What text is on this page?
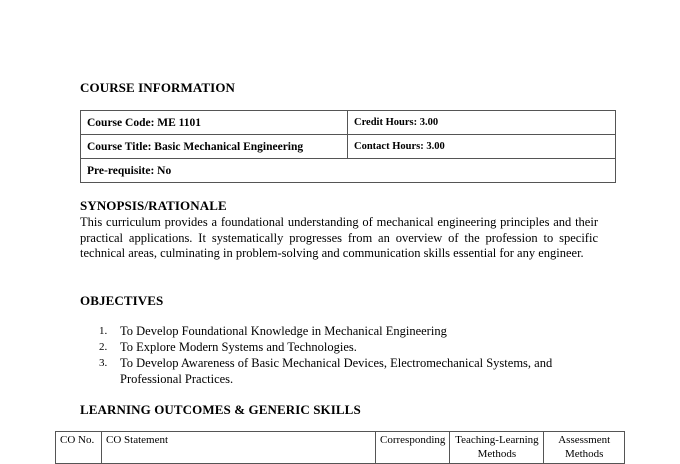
COURSE INFORMATION
Course Code: ME 1101	Credit Hours: 3.00
Course Title: Basic Mechanical Engineering	Contact Hours: 3.00
Pre-requisite: No	
SYNOPSIS/RATIONALE

This curriculum provides a foundational understanding of mechanical engineering principles and their practical applications. It systematically progresses from an overview of the profession to specific technical areas, culminating in problem-solving and communication skills essential for any engineer.

OBJECTIVES
1. To Develop Foundational Knowledge in Mechanical Engineering
2. To Explore Modern Systems and Technologies.
3. To Develop Awareness of Basic Mechanical Devices, Electromechanical Systems, and Professional Practices.
LEARNING OUTCOMES & GENERIC SKILLS
CO No.	CO Statement	Corresponding	Teaching-Learning Methods	Assessment Methods
